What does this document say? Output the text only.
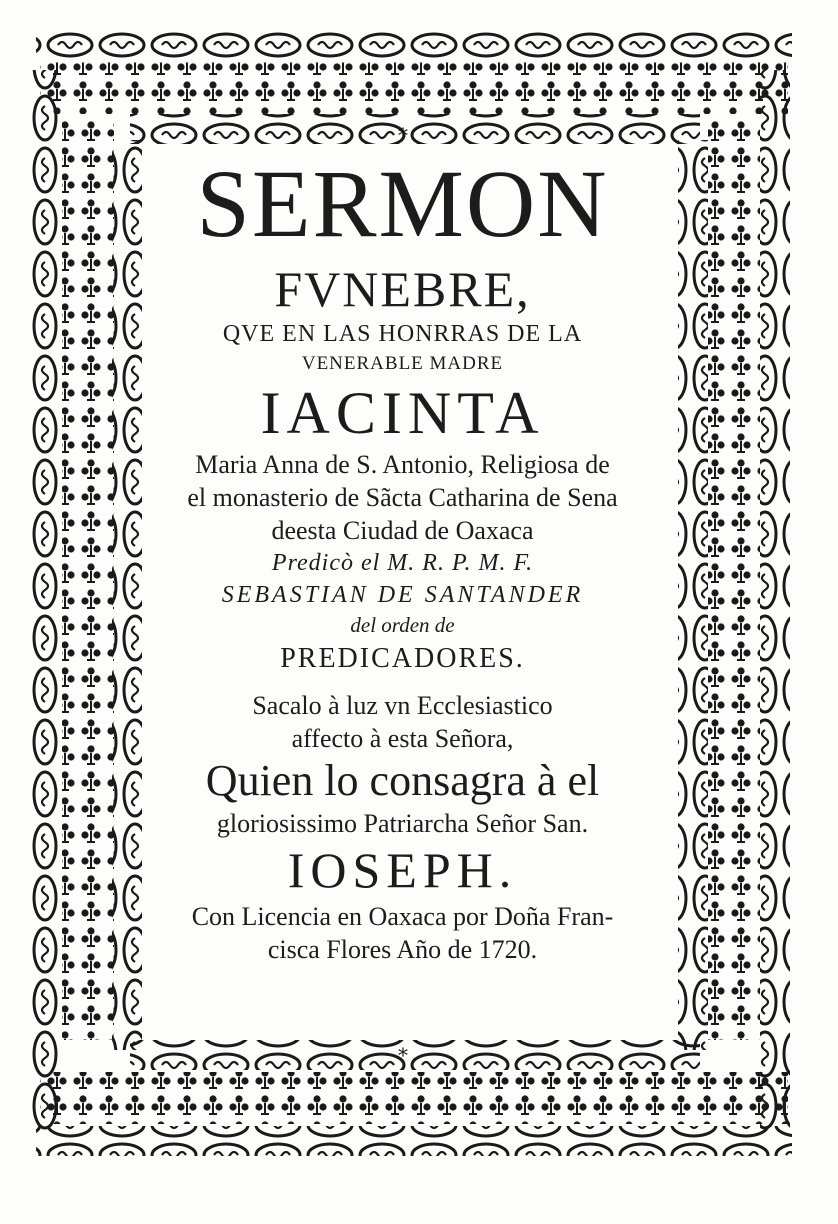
*
*
SERMON
FVNEBRE,
QVE EN LAS HONRRAS DE LA
VENERABLE MADRE
IACINTA
Maria Anna de S. Antonio, Religiosa de
el monasterio de Sãcta Catharina de Sena
deesta Ciudad de Oaxaca
Predicò el M. R. P. M. F.
SEBASTIAN DE SANTANDER
del orden de
PREDICADORES.
Sacalo à luz vn Ecclesiastico
affecto à esta Señora,
Quien lo consagra à el
gloriosissimo Patriarcha Señor San.
IOSEPH.
Con Licencia en Oaxaca por Doña Fran-
cisca Flores Año de 1720.
